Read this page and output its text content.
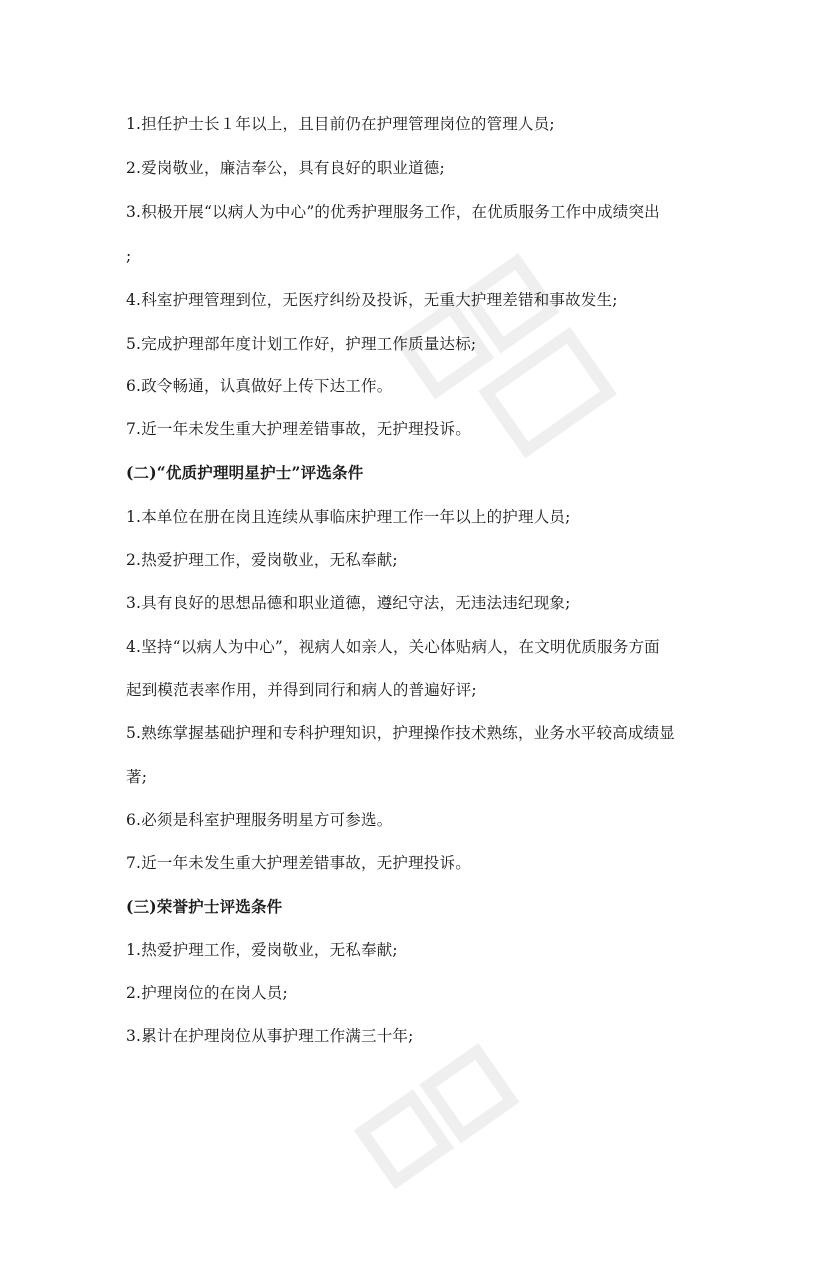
1.担任护士长１年以上，且目前仍在护理管理岗位的管理人员;
2.爱岗敬业，廉洁奉公，具有良好的职业道德;
3.积极开展“以病人为中心”的优秀护理服务工作，在优质服务工作中成绩突出
;
4.科室护理管理到位，无医疗纠纷及投诉，无重大护理差错和事故发生;
5.完成护理部年度计划工作好，护理工作质量达标;
6.政令畅通，认真做好上传下达工作。
7.近一年未发生重大护理差错事故，无护理投诉。
(二)“优质护理明星护士”评选条件
1.本单位在册在岗且连续从事临床护理工作一年以上的护理人员;
2.热爱护理工作，爱岗敬业，无私奉献;
3.具有良好的思想品德和职业道德，遵纪守法，无违法违纪现象;
4.坚持“以病人为中心”，视病人如亲人，关心体贴病人，在文明优质服务方面
起到模范表率作用，并得到同行和病人的普遍好评;
5.熟练掌握基础护理和专科护理知识，护理操作技术熟练，业务水平较高成绩显
著;
6.必须是科室护理服务明星方可参选。
7.近一年未发生重大护理差错事故，无护理投诉。
(三)荣誉护士评选条件
1.热爱护理工作，爱岗敬业，无私奉献;
2.护理岗位的在岗人员;
3.累计在护理岗位从事护理工作满三十年;
